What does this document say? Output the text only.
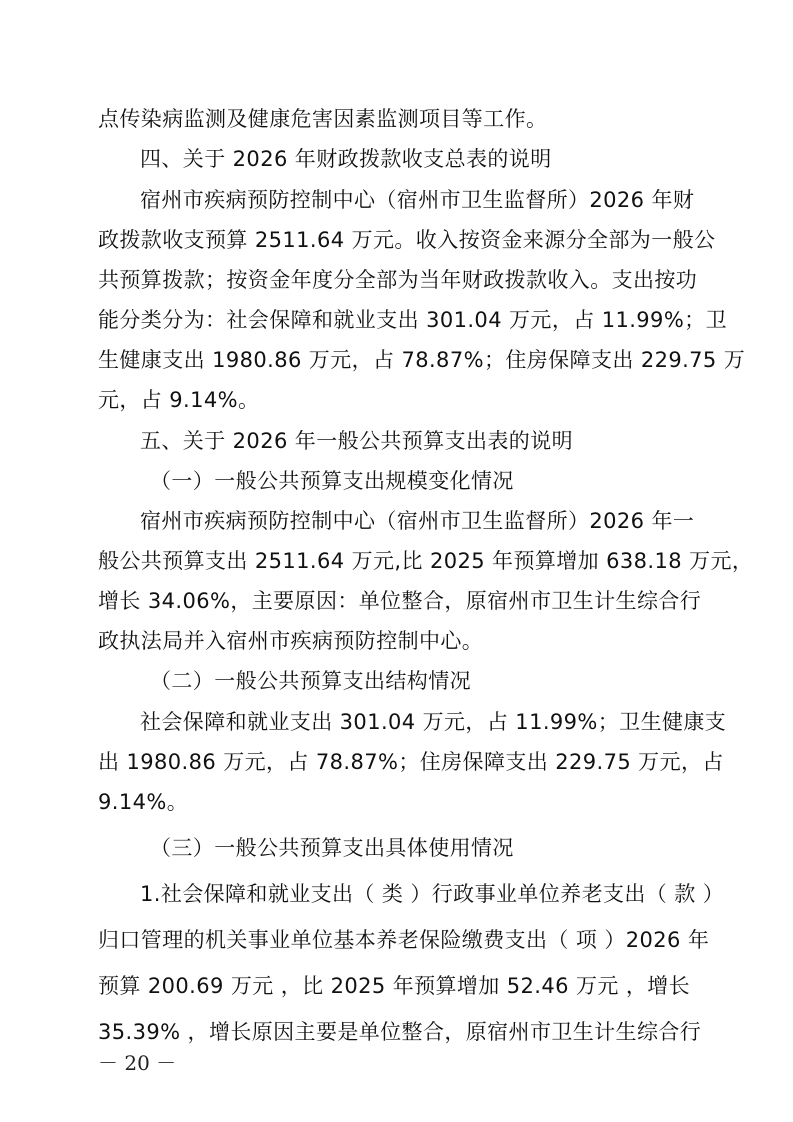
点传染病监测及健康危害因素监测项目等工作。
四、关于 2026 年财政拨款收支总表的说明
宿州市疾病预防控制中心（宿州市卫生监督所）2026 年财
政拨款收支预算 2511.64 万元。收入按资金来源分全部为一般公
共预算拨款；按资金年度分全部为当年财政拨款收入。支出按功
能分类分为：社会保障和就业支出 301.04 万元，占 11.99%；卫
生健康支出 1980.86 万元，占 78.87%；住房保障支出 229.75 万
元，占 9.14%。
五、关于 2026 年一般公共预算支出表的说明
（一）一般公共预算支出规模变化情况
宿州市疾病预防控制中心（宿州市卫生监督所）2026 年一
般公共预算支出 2511.64 万元,比 2025 年预算增加 638.18 万元，
增长 34.06%，主要原因：单位整合，原宿州市卫生计生综合行
政执法局并入宿州市疾病预防控制中心。
（二）一般公共预算支出结构情况
社会保障和就业支出 301.04 万元，占 11.99%；卫生健康支
出 1980.86 万元，占 78.87%；住房保障支出 229.75 万元，占
9.14%。
（三）一般公共预算支出具体使用情况
1.社会保障和就业支出（ 类 ）行政事业单位养老支出（ 款 ）
归口管理的机关事业单位基本养老保险缴费支出（ 项 ）2026 年
预算 200.69 万元 ，比 2025 年预算增加 52.46 万元 ，增长
35.39% ，增长原因主要是单位整合，原宿州市卫生计生综合行
－ 20 －
